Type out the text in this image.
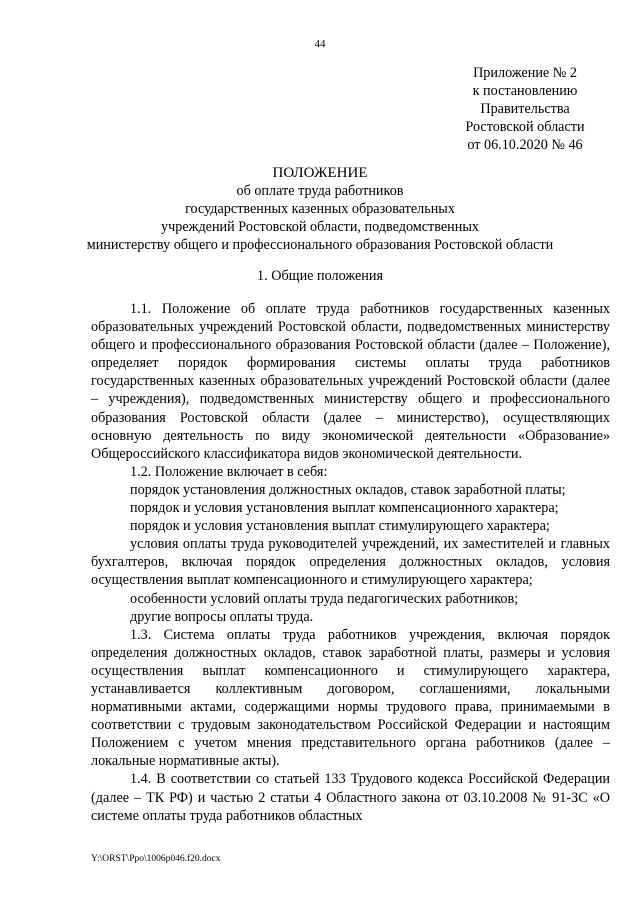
44
Приложение № 2
к постановлению
Правительства
Ростовской области
от 06.10.2020 № 46
ПОЛОЖЕНИЕ
об оплате труда работников
государственных казенных образовательных
учреждений Ростовской области, подведомственных
министерству общего и профессионального образования Ростовской области
1. Общие положения

1.1. Положение об оплате труда работников государственных казенных образовательных учреждений Ростовской области, подведомственных министерству общего и профессионального образования Ростовской области (далее – Положение), определяет порядок формирования системы оплаты труда работников государственных казенных образовательных учреждений Ростовской области (далее – учреждения), подведомственных министерству общего и профессионального образования Ростовской области (далее – министерство), осуществляющих основную деятельность по виду экономической деятельности «Образование» Общероссийского классификатора видов экономической деятельности.

1.2. Положение включает в себя:

порядок установления должностных окладов, ставок заработной платы;

порядок и условия установления выплат компенсационного характера;

порядок и условия установления выплат стимулирующего характера;

условия оплаты труда руководителей учреждений, их заместителей и главных бухгалтеров, включая порядок определения должностных окладов, условия осуществления выплат компенсационного и стимулирующего характера;

особенности условий оплаты труда педагогических работников;

другие вопросы оплаты труда.

1.3. Система оплаты труда работников учреждения, включая порядок определения должностных окладов, ставок заработной платы, размеры и условия осуществления выплат компенсационного и стимулирующего характера, устанавливается коллективным договором, соглашениями, локальными нормативными актами, содержащими нормы трудового права, принимаемыми в соответствии с трудовым законодательством Российской Федерации и настоящим Положением с учетом мнения представительного органа работников (далее – локальные нормативные акты).

1.4. В соответствии со статьей 133 Трудового кодекса Российской Федерации (далее – ТК РФ) и частью 2 статьи 4 Областного закона от 03.10.2008 № 91-ЗС «О системе оплаты труда работников областных

Y:\ORST\Ppo\1006p046.f20.docx
